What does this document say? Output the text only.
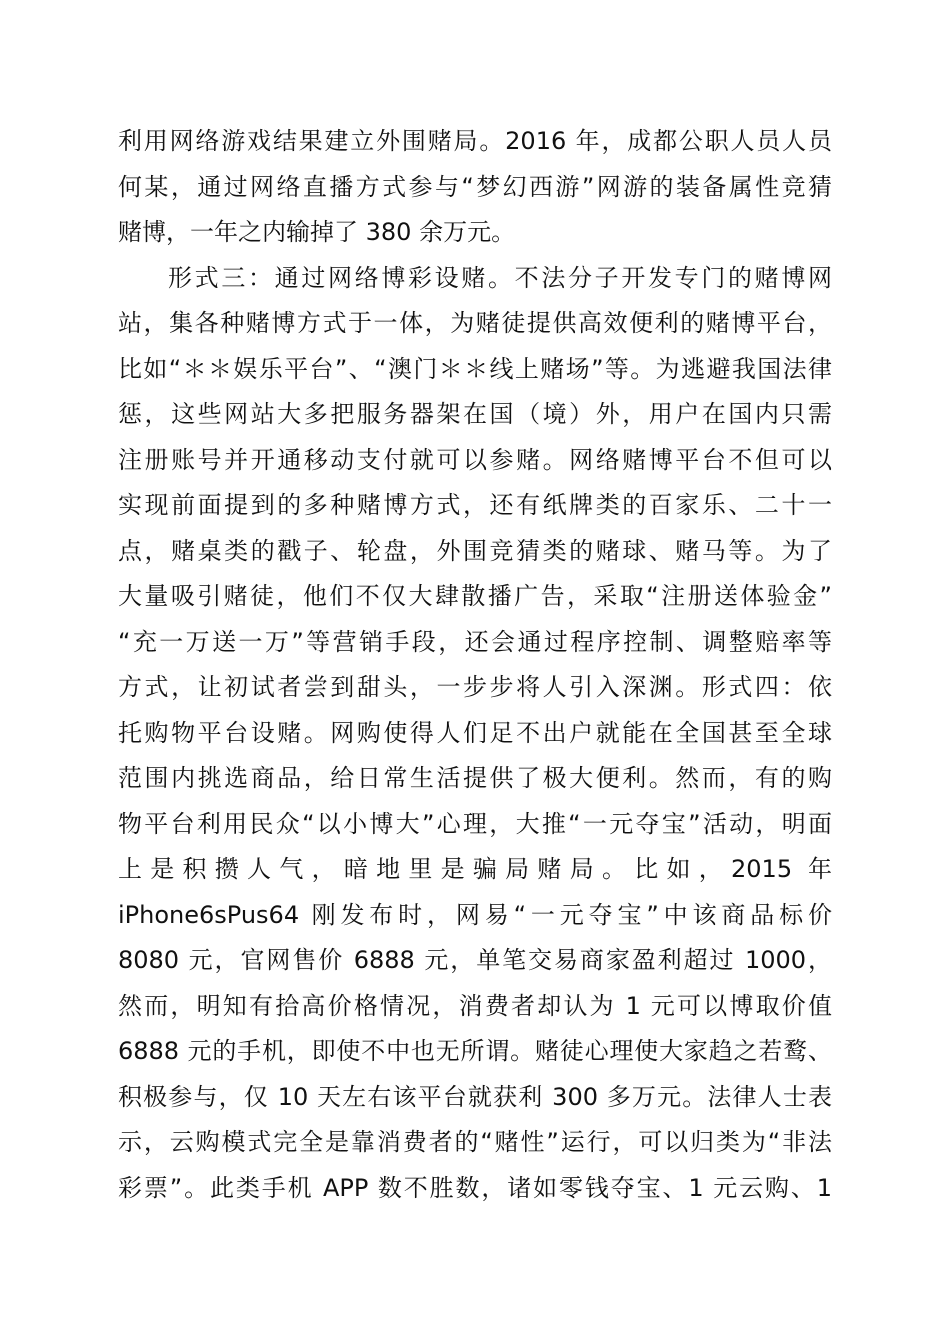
利用网络游戏结果建立外围赌局。2016 年，成都公职人员人员
何某，通过网络直播方式参与“梦幻西游”网游的装备属性竞猜
赌博，一年之内输掉了 380 余万元。
形式三：通过网络博彩设赌。不法分子开发专门的赌博网
站，集各种赌博方式于一体，为赌徒提供高效便利的赌博平台，
比如“＊＊娱乐平台”、“澳门＊＊线上赌场”等。为逃避我国法律
惩，这些网站大多把服务器架在国（境）外，用户在国内只需
注册账号并开通移动支付就可以参赌。网络赌博平台不但可以
实现前面提到的多种赌博方式，还有纸牌类的百家乐、二十一
点，赌桌类的戳子、轮盘，外围竞猜类的赌球、赌马等。为了
大量吸引赌徒，他们不仅大肆散播广告，采取“注册送体验金”
“充一万送一万”等营销手段，还会通过程序控制、调整赔率等
方式，让初试者尝到甜头，一步步将人引入深渊。形式四：依
托购物平台设赌。网购使得人们足不出户就能在全国甚至全球
范围内挑选商品，给日常生活提供了极大便利。然而，有的购
物平台利用民众“以小博大”心理，大推“一元夺宝”活动，明面
上是积攒人气，暗地里是骗局赌局。比如，2015 年
iPhone6sPus64 刚发布时，网易“一元夺宝”中该商品标价
8080 元，官网售价 6888 元，单笔交易商家盈利超过 1000，
然而，明知有拾高价格情况，消费者却认为 1 元可以博取价值
6888 元的手机，即使不中也无所谓。赌徒心理使大家趋之若鹜、
积极参与，仅 10 天左右该平台就获利 300 多万元。法律人士表
示，云购模式完全是靠消费者的“赌性”运行，可以归类为“非法
彩票”。此类手机 APP 数不胜数，诸如零钱夺宝、1 元云购、1
